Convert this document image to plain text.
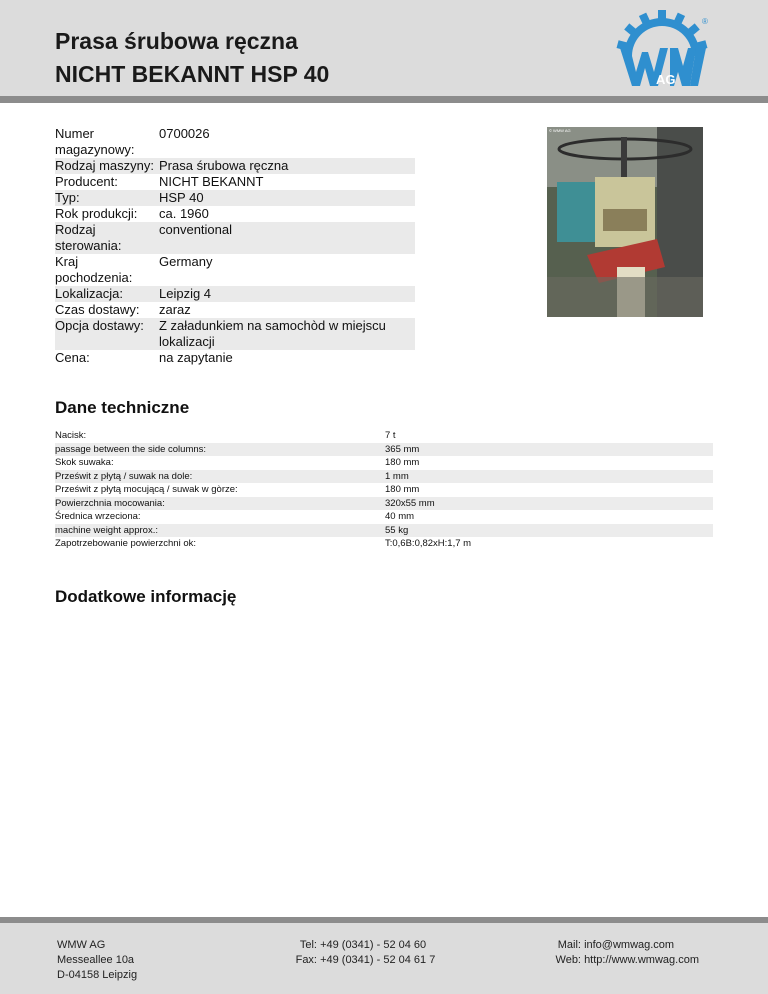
Prasa śrubowa ręczna
NICHT BEKANNT HSP 40	AG
®
Numer magazynowy:	0700026
Rodzaj maszyny:	Prasa śrubowa ręczna
Producent:	NICHT BEKANNT
Typ:	HSP 40
Rok produkcji:	ca. 1960
Rodzaj sterowania:	conventional
Kraj pochodzenia:	Germany
Lokalizacja:	Leipzig 4
Czas dostawy:	zaraz
Opcja dostawy:	Z załadunkiem na samochòd w miejscu lokalizacji
Cena:	na zapytanie
© WMW AG
Dane techniczne
Nacisk:	7 t
passage between the side columns:	365 mm
Skok suwaka:	180 mm
Prześwit z płytą / suwak na dole:	1 mm
Prześwit z płytą mocującą / suwak w gòrze:	180 mm
Powierzchnia mocowania:	320x55 mm
Średnica wrzeciona:	40 mm
machine weight approx.:	55 kg
Zapotrzebowanie powierzchni ok:	T:0,6B:0,82xH:1,7 m
Dodatkowe informację
WMW AG
Messeallee 10a
D-04158 Leipzig
Tel: +49 (0341) - 52 04 60
Fax: +49 (0341) - 52 04 61 7
Mail: info@wmwag.com
Web: http://www.wmwag.com
